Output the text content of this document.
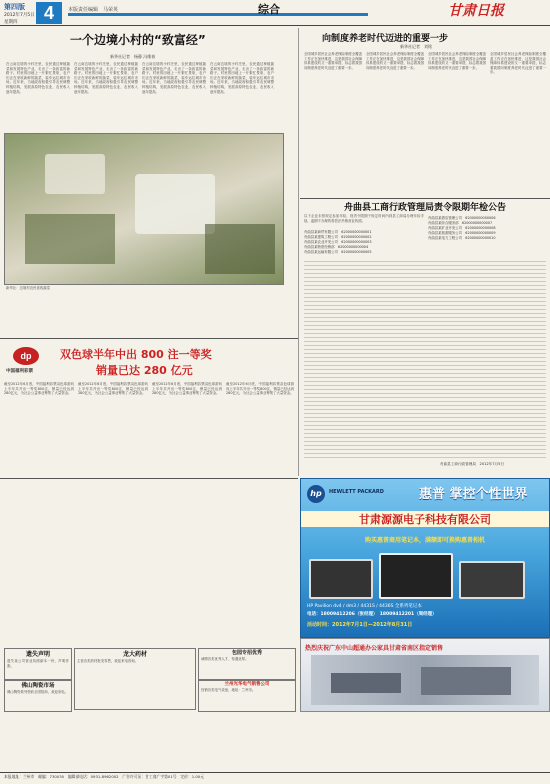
第四版
2012年7月5日
星期四	4	本版责任编辑　马荣英	综合	甘肃日报
一个边境小村的“致富经”
新华社记者　杨静 冯维春
在云南边境的小村庄里，农民通过种植蔬菜和发展特色产业，走出了一条致富的新路子。村里的田地上一片繁忙景象，农户们正在采收新鲜的蔬菜，装车运往城市市场。近年来，当地政府积极引导农民调整种植结构，发展高原特色农业，农民收入逐年提高。
在云南边境的小村庄里，农民通过种植蔬菜和发展特色产业，走出了一条致富的新路子。村里的田地上一片繁忙景象，农户们正在采收新鲜的蔬菜，装车运往城市市场。近年来，当地政府积极引导农民调整种植结构，发展高原特色农业，农民收入逐年提高。
在云南边境的小村庄里，农民通过种植蔬菜和发展特色产业，走出了一条致富的新路子。村里的田地上一片繁忙景象，农户们正在采收新鲜的蔬菜，装车运往城市市场。近年来，当地政府积极引导农民调整种植结构，发展高原特色农业，农民收入逐年提高。
在云南边境的小村庄里，农民通过种植蔬菜和发展特色产业，走出了一条致富的新路子。村里的田地上一片繁忙景象，农户们正在采收新鲜的蔬菜，装车运往城市市场。近年来，当地政府积极引导农民调整种植结构，发展高原特色农业，农民收入逐年提高。
新华社：边境村农民喜收蔬菜
向制度养老时代迈进的重要一步
新华社记者　刘铭
全国城乡居民社会养老保险制度全覆盖工作正在加快推进，这是我国社会保障体系建设的又一重要举措，标志着我国向制度养老时代迈进了重要一步。
全国城乡居民社会养老保险制度全覆盖工作正在加快推进，这是我国社会保障体系建设的又一重要举措，标志着我国向制度养老时代迈进了重要一步。
全国城乡居民社会养老保险制度全覆盖工作正在加快推进，这是我国社会保障体系建设的又一重要举措，标志着我国向制度养老时代迈进了重要一步。
全国城乡居民社会养老保险制度全覆盖工作正在加快推进，这是我国社会保障体系建设的又一重要举措，标志着我国向制度养老时代迈进了重要一步。
舟曲县工商行政管理局责令限期年检公告
以下企业未按规定参加年检，现责令限期于规定时间内到县工商局办理年检手续，逾期不办理的将依法吊销营业执照。
舟曲县某商贸有限公司　62000000000001
舟曲县某建筑工程公司　62000000000002
舟曲县某农业开发公司　62000000000003
舟曲县某物资经销部　62000000000004
舟曲县某运输有限公司　62000000000005
舟曲县某酒店管理公司　62000000000006
舟曲县某综合服务部　62000000000007
舟曲县某矿业开发公司　62000000000008
舟曲县某旅游服务公司　62000000000009
舟曲县某电力工程公司　62000000000010
舟曲县工商行政管理局　2012年7月5日
dp
中国福利彩票
双色球半年中出 800 注一等奖
销量已达 280 亿元
截至2012年6月底，中国福利彩票双色球游戏上半年共开出一等奖800注，销量已经达到280亿元，为社会公益事业筹集了大量资金。
截至2012年6月底，中国福利彩票双色球游戏上半年共开出一等奖800注，销量已经达到280亿元，为社会公益事业筹集了大量资金。
截至2012年6月底，中国福利彩票双色球游戏上半年共开出一等奖800注，销量已经达到280亿元，为社会公益事业筹集了大量资金。
截至2012年6月底，中国福利彩票双色球游戏上半年共开出一等奖800注，销量已经达到280亿元，为社会公益事业筹集了大量资金。
hp	HEWLETT PACKARD	惠普 掌控个性世界
甘肃源源电子科技有限公司
购买惠普商用笔记本，满额即可换购惠普相机
HP Pavilion dv4 / dm3 / 4431S / 4436S 全系列笔记本
电话：18009412206（张经理）　18009412201（周经理）
活动时间：2012年7月1日—2012年8月31日
热烈庆祝广东中山超通办公家具甘肃省南区指定销售
遗失声明
遗失某公司营业执照副本一份，声明作废。
龙大药材
主营各类药材批发零售，欢迎来电咨询。
包园专招优秀
诚聘各类优秀人才，待遇优厚。
佛山陶瓷市场
佛山陶瓷系列瓷砖全国招商，欢迎来电。
兰州光华电气销售公司
经销各类电气设备，地址：兰州市。
本报地址：兰州市　邮编：730030　编辑部电话：0931-8962002　广告许可证：甘工商广字第01号　定价：1.00元
